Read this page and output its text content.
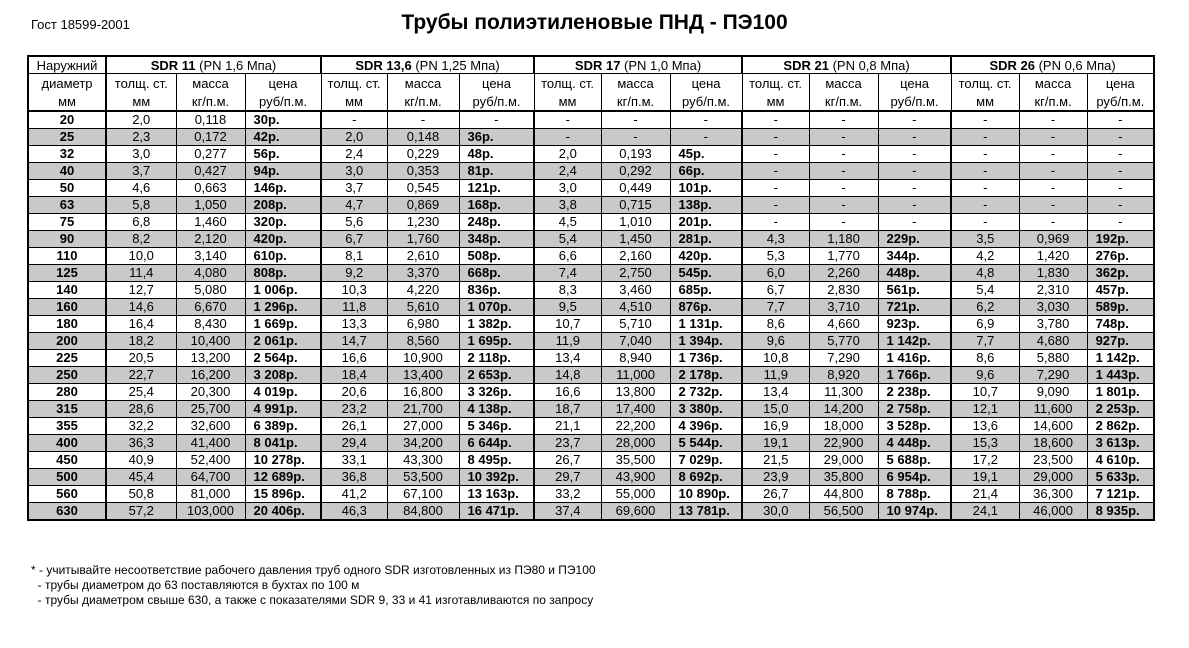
Гост 18599-2001	Трубы полиэтиленовые ПНД - ПЭ100
Наружний	SDR 11 (PN 1,6 Мпа)			SDR 13,6 (PN 1,25 Мпа)			SDR 17 (PN 1,0 Мпа)			SDR 21 (PN 0,8 Мпа)			SDR 26 (PN 0,6 Мпа)		
диаметр	толщ. ст.	масса	цена	толщ. ст.	масса	цена	толщ. ст.	масса	цена	толщ. ст.	масса	цена	толщ. ст.	масса	цена
мм	мм	кг/п.м.	руб/п.м.	мм	кг/п.м.	руб/п.м.	мм	кг/п.м.	руб/п.м.	мм	кг/п.м.	руб/п.м.	мм	кг/п.м.	руб/п.м.
20	2,0	0,118	30р.	-	-	-	-	-	-	-	-	-	-	-	-
25	2,3	0,172	42р.	2,0	0,148	36р.	-	-	-	-	-	-	-	-	-
32	3,0	0,277	56р.	2,4	0,229	48р.	2,0	0,193	45р.	-	-	-	-	-	-
40	3,7	0,427	94р.	3,0	0,353	81р.	2,4	0,292	66р.	-	-	-	-	-	-
50	4,6	0,663	146р.	3,7	0,545	121р.	3,0	0,449	101р.	-	-	-	-	-	-
63	5,8	1,050	208р.	4,7	0,869	168р.	3,8	0,715	138р.	-	-	-	-	-	-
75	6,8	1,460	320р.	5,6	1,230	248р.	4,5	1,010	201р.	-	-	-	-	-	-
90	8,2	2,120	420р.	6,7	1,760	348р.	5,4	1,450	281р.	4,3	1,180	229р.	3,5	0,969	192р.
110	10,0	3,140	610р.	8,1	2,610	508р.	6,6	2,160	420р.	5,3	1,770	344р.	4,2	1,420	276р.
125	11,4	4,080	808р.	9,2	3,370	668р.	7,4	2,750	545р.	6,0	2,260	448р.	4,8	1,830	362р.
140	12,7	5,080	1 006р.	10,3	4,220	836р.	8,3	3,460	685р.	6,7	2,830	561р.	5,4	2,310	457р.
160	14,6	6,670	1 296р.	11,8	5,610	1 070р.	9,5	4,510	876р.	7,7	3,710	721р.	6,2	3,030	589р.
180	16,4	8,430	1 669р.	13,3	6,980	1 382р.	10,7	5,710	1 131р.	8,6	4,660	923р.	6,9	3,780	748р.
200	18,2	10,400	2 061р.	14,7	8,560	1 695р.	11,9	7,040	1 394р.	9,6	5,770	1 142р.	7,7	4,680	927р.
225	20,5	13,200	2 564р.	16,6	10,900	2 118р.	13,4	8,940	1 736р.	10,8	7,290	1 416р.	8,6	5,880	1 142р.
250	22,7	16,200	3 208р.	18,4	13,400	2 653р.	14,8	11,000	2 178р.	11,9	8,920	1 766р.	9,6	7,290	1 443р.
280	25,4	20,300	4 019р.	20,6	16,800	3 326р.	16,6	13,800	2 732р.	13,4	11,300	2 238р.	10,7	9,090	1 801р.
315	28,6	25,700	4 991р.	23,2	21,700	4 138р.	18,7	17,400	3 380р.	15,0	14,200	2 758р.	12,1	11,600	2 253р.
355	32,2	32,600	6 389р.	26,1	27,000	5 346р.	21,1	22,200	4 396р.	16,9	18,000	3 528р.	13,6	14,600	2 862р.
400	36,3	41,400	8 041р.	29,4	34,200	6 644р.	23,7	28,000	5 544р.	19,1	22,900	4 448р.	15,3	18,600	3 613р.
450	40,9	52,400	10 278р.	33,1	43,300	8 495р.	26,7	35,500	7 029р.	21,5	29,000	5 688р.	17,2	23,500	4 610р.
500	45,4	64,700	12 689р.	36,8	53,500	10 392р.	29,7	43,900	8 692р.	23,9	35,800	6 954р.	19,1	29,000	5 633р.
560	50,8	81,000	15 896р.	41,2	67,100	13 163р.	33,2	55,000	10 890р.	26,7	44,800	8 788р.	21,4	36,300	7 121р.
630	57,2	103,000	20 406р.	46,3	84,800	16 471р.	37,4	69,600	13 781р.	30,0	56,500	10 974р.	24,1	46,000	8 935р.
* - учитывайте несоответствие рабочего давления труб одного SDR изготовленных из ПЭ80 и ПЭ100
- трубы диаметром до 63 поставляются в бухтах по 100 м
- трубы диаметром свыше 630, а также с показателями SDR 9, 33 и 41 изготавливаются по запросу
